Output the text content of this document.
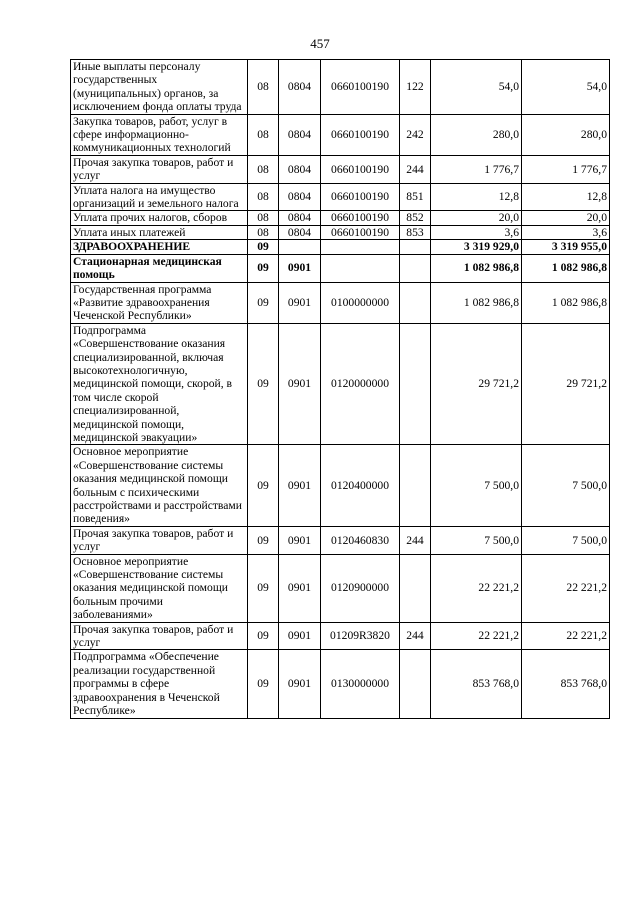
457
Иные выплаты персоналу государственных (муниципальных) органов, за исключением фонда оплаты труда	08	0804	0660100190	122	54,0	54,0
Закупка товаров, работ, услуг в сфере информационно-коммуникационных технологий	08	0804	0660100190	242	280,0	280,0
Прочая закупка товаров, работ и услуг	08	0804	0660100190	244	1 776,7	1 776,7
Уплата налога на имущество организаций и земельного налога	08	0804	0660100190	851	12,8	12,8
Уплата прочих налогов, сборов	08	0804	0660100190	852	20,0	20,0
Уплата иных платежей	08	0804	0660100190	853	3,6	3,6
ЗДРАВООХРАНЕНИЕ	09				3 319 929,0	3 319 955,0
Стационарная медицинская помощь	09	0901			1 082 986,8	1 082 986,8
Государственная программа «Развитие здравоохранения Чеченской Республики»	09	0901	0100000000		1 082 986,8	1 082 986,8
Подпрограмма «Совершенствование оказания специализированной, включая высокотехнологичную, медицинской помощи, скорой, в том числе скорой специализированной, медицинской помощи, медицинской эвакуации»	09	0901	0120000000		29 721,2	29 721,2
Основное мероприятие «Совершенствование системы оказания медицинской помощи больным с психическими расстройствами и расстройствами поведения»	09	0901	0120400000		7 500,0	7 500,0
Прочая закупка товаров, работ и услуг	09	0901	0120460830	244	7 500,0	7 500,0
Основное мероприятие «Совершенствование системы оказания медицинской помощи больным прочими заболеваниями»	09	0901	0120900000		22 221,2	22 221,2
Прочая закупка товаров, работ и услуг	09	0901	01209R3820	244	22 221,2	22 221,2
Подпрограмма «Обеспечение реализации государственной программы в сфере здравоохранения в Чеченской Республике»	09	0901	0130000000		853 768,0	853 768,0
